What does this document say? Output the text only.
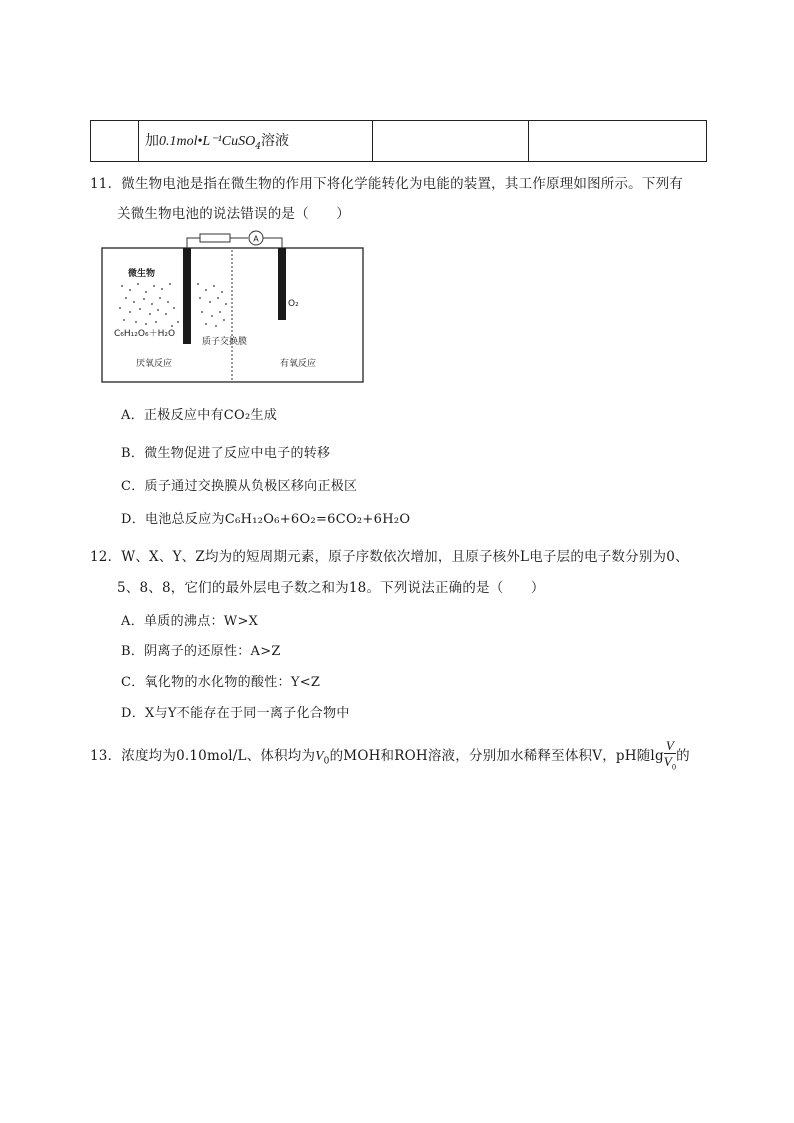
	加0.1mol•L⁻¹CuSO$_4$溶液		
11．微生物电池是指在微生物的作用下将化学能转化为电能的装置，其工作原理如图所示。下列有
关微生物电池的说法错误的是（　　）
A
微生物
C₆H₁₂O₆＋H₂O
质子交换膜
O₂
厌氧反应	有氧反应
A．正极反应中有CO₂生成
B．微生物促进了反应中电子的转移
C．质子通过交换膜从负极区移向正极区
D．电池总反应为C₆H₁₂O₆+6O₂=6CO₂+6H₂O
12．W、X、Y、Z均为的短周期元素，原子序数依次增加，且原子核外L电子层的电子数分别为0、
5、8、8，它们的最外层电子数之和为18。下列说法正确的是（　　）
A．单质的沸点：W>X
B．阴离子的还原性：A>Z
C．氧化物的水化物的酸性：Y<Z
D．X与Y不能存在于同一离子化合物中
13．浓度均为0.10mol/L、体积均为$V_0$的MOH和ROH溶液，分别加水稀释至体积V，pH随$\lg \frac{V}{V_0}$ 的
